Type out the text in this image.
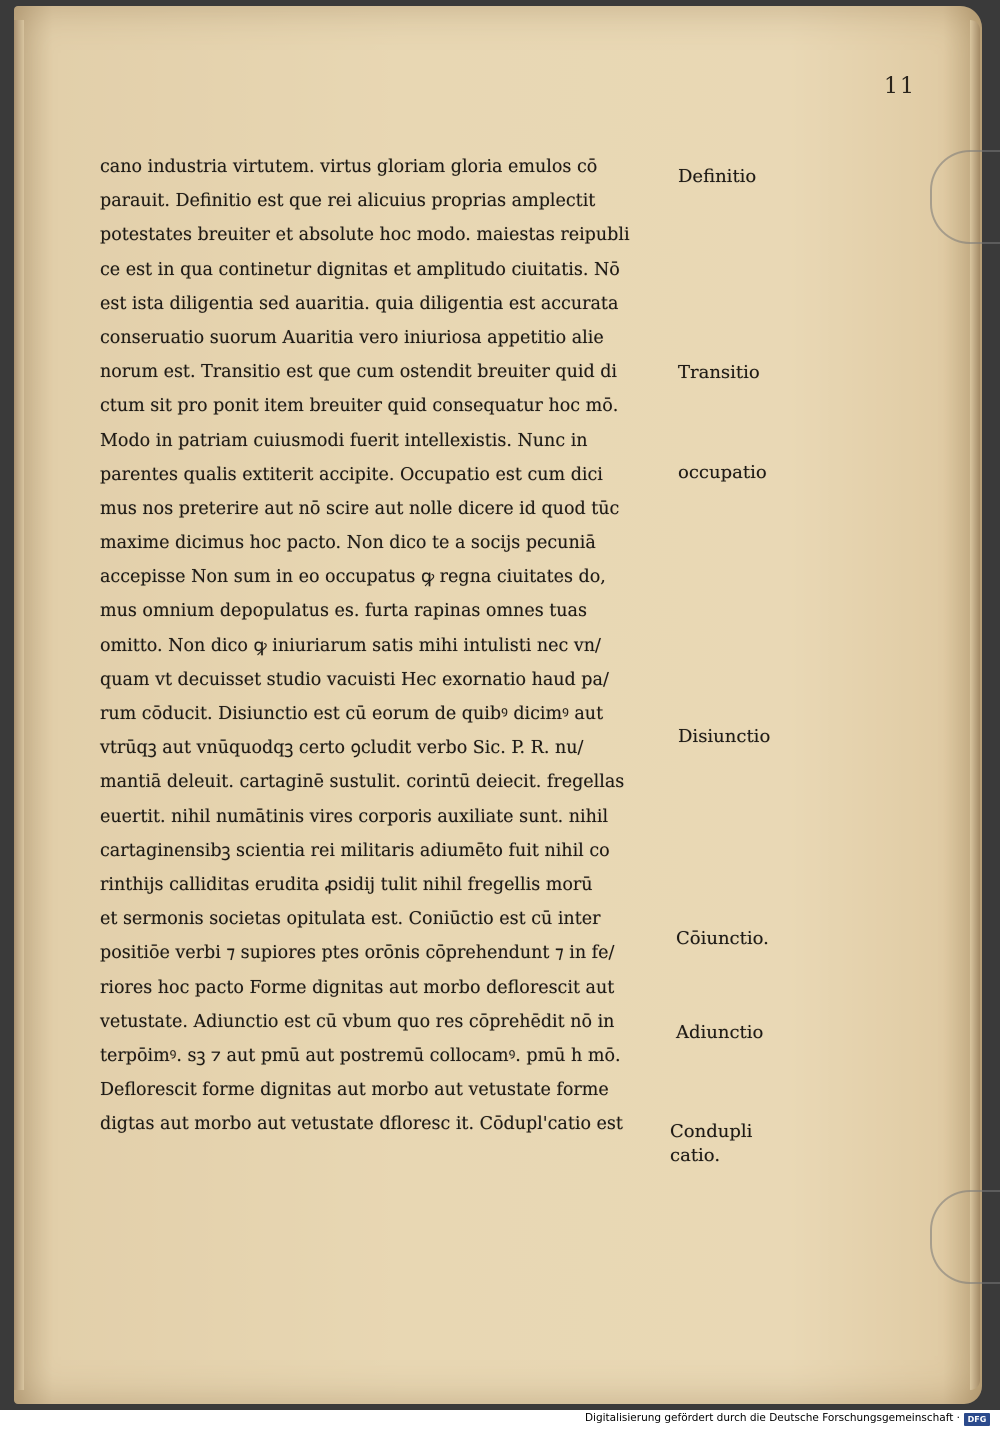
11
cano industria virtutem. virtus gloriam gloria emulos cō
parauit. Definitio est que rei alicuius proprias amplectit
potestates breuiter et absolute hoc modo. maiestas reipubli
ce est in qua continetur dignitas et amplitudo ciuitatis. Nō
est ista diligentia sed auaritia. quia diligentia est accurata
conseruatio suorum Auaritia vero iniuriosa appetitio alie
norum est. Transitio est que cum ostendit breuiter quid di
ctum sit pro ponit item breuiter quid consequatur hoc mō.
Modo in patriam cuiusmodi fuerit intellexistis. Nunc in
parentes qualis extiterit accipite. Occupatio est cum dici
mus nos preterire aut nō scire aut nolle dicere id quod tūc
maxime dicimus hoc pacto. Non dico te a socijs pecuniā
accepisse Non sum in eo occupatus ꝙ regna ciuitates do,
mus omnium depopulatus es. furta rapinas omnes tuas
omitto. Non dico ꝙ iniuriarum satis mihi intulisti nec vn/
quam vt decuisset studio vacuisti Hec exornatio haud pa/
rum cōducit. Disiunctio est cū eorum de quibꝰ dicimꝰ aut
vtrūqꝫ aut vnūquodqꝫ certo ꝯcludit verbo Sic. P. R. nu/
mantiā deleuit. cartaginē sustulit. corintū deiecit. fregellas
euertit. nihil numātinis vires corporis auxiliate sunt. nihil
cartaginensibꝫ scientia rei militaris adiumēto fuit nihil co
rinthijs calliditas erudita ꝓsidij tulit nihil fregellis morū
et sermonis societas opitulata est. Coniūctio est cū inter
positiōe verbi ⁊ supiores ptes orōnis cōprehendunt ⁊ in fe/
riores hoc pacto Forme dignitas aut morbo deflorescit aut
vetustate. Adiunctio est cū vbum quo res cōprehēdit nō in
terpōimꝰ. sꝫ ⁊ aut pmū aut postremū collocamꝰ. pmū h mō.
Deflorescit forme dignitas aut morbo aut vetustate forme
digtas aut morbo aut vetustate dfloresc it. Cōdupl'catio est
Definitio
Transitio
occupatio
Disiunctio
Cōiunctio.
Adiunctio
Condupli
catio.
Digitalisierung gefördert durch die Deutsche Forschungsgemeinschaft · DFG
